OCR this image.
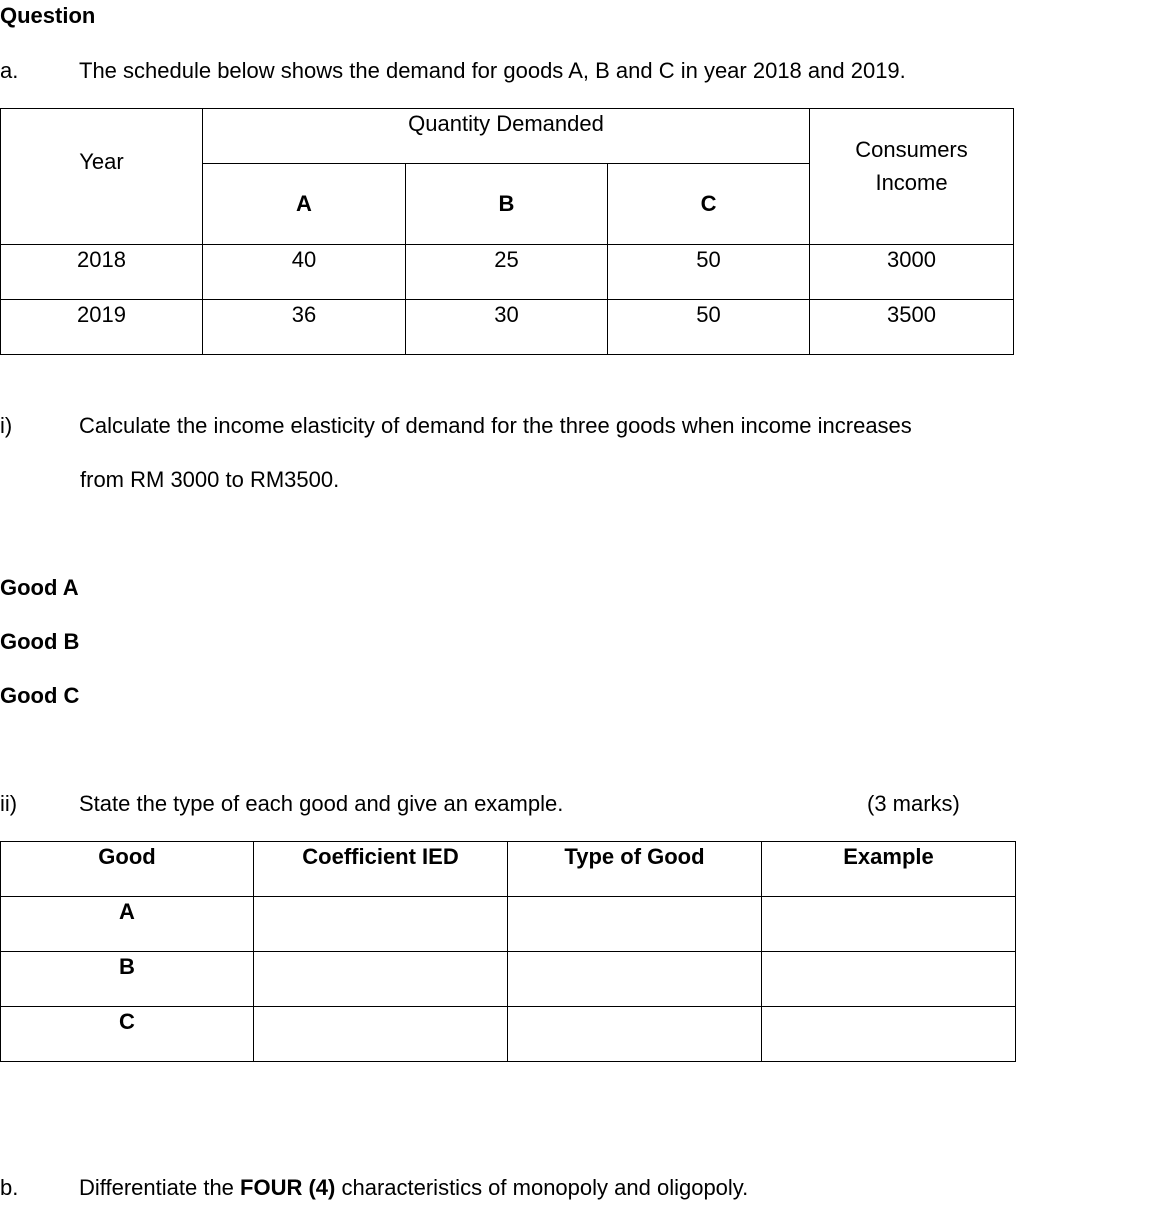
Question
a.	The schedule below shows the demand for goods A, B and C in year 2018 and 2019.
Year	Quantity Demanded			Consumers
Income

	A	B	C	
2018	40	25	50	3000
2019	36	30	50	3500
i)	Calculate the income elasticity of demand for the three goods when income increases
from RM 3000 to RM3500.
Good A
Good B
Good C
ii)	State the type of each good and give an example.	(3 marks)
Good	Coefficient IED	Type of Good	Example
A			
B			
C			
b.	Differentiate the FOUR (4) characteristics of monopoly and oligopoly.
